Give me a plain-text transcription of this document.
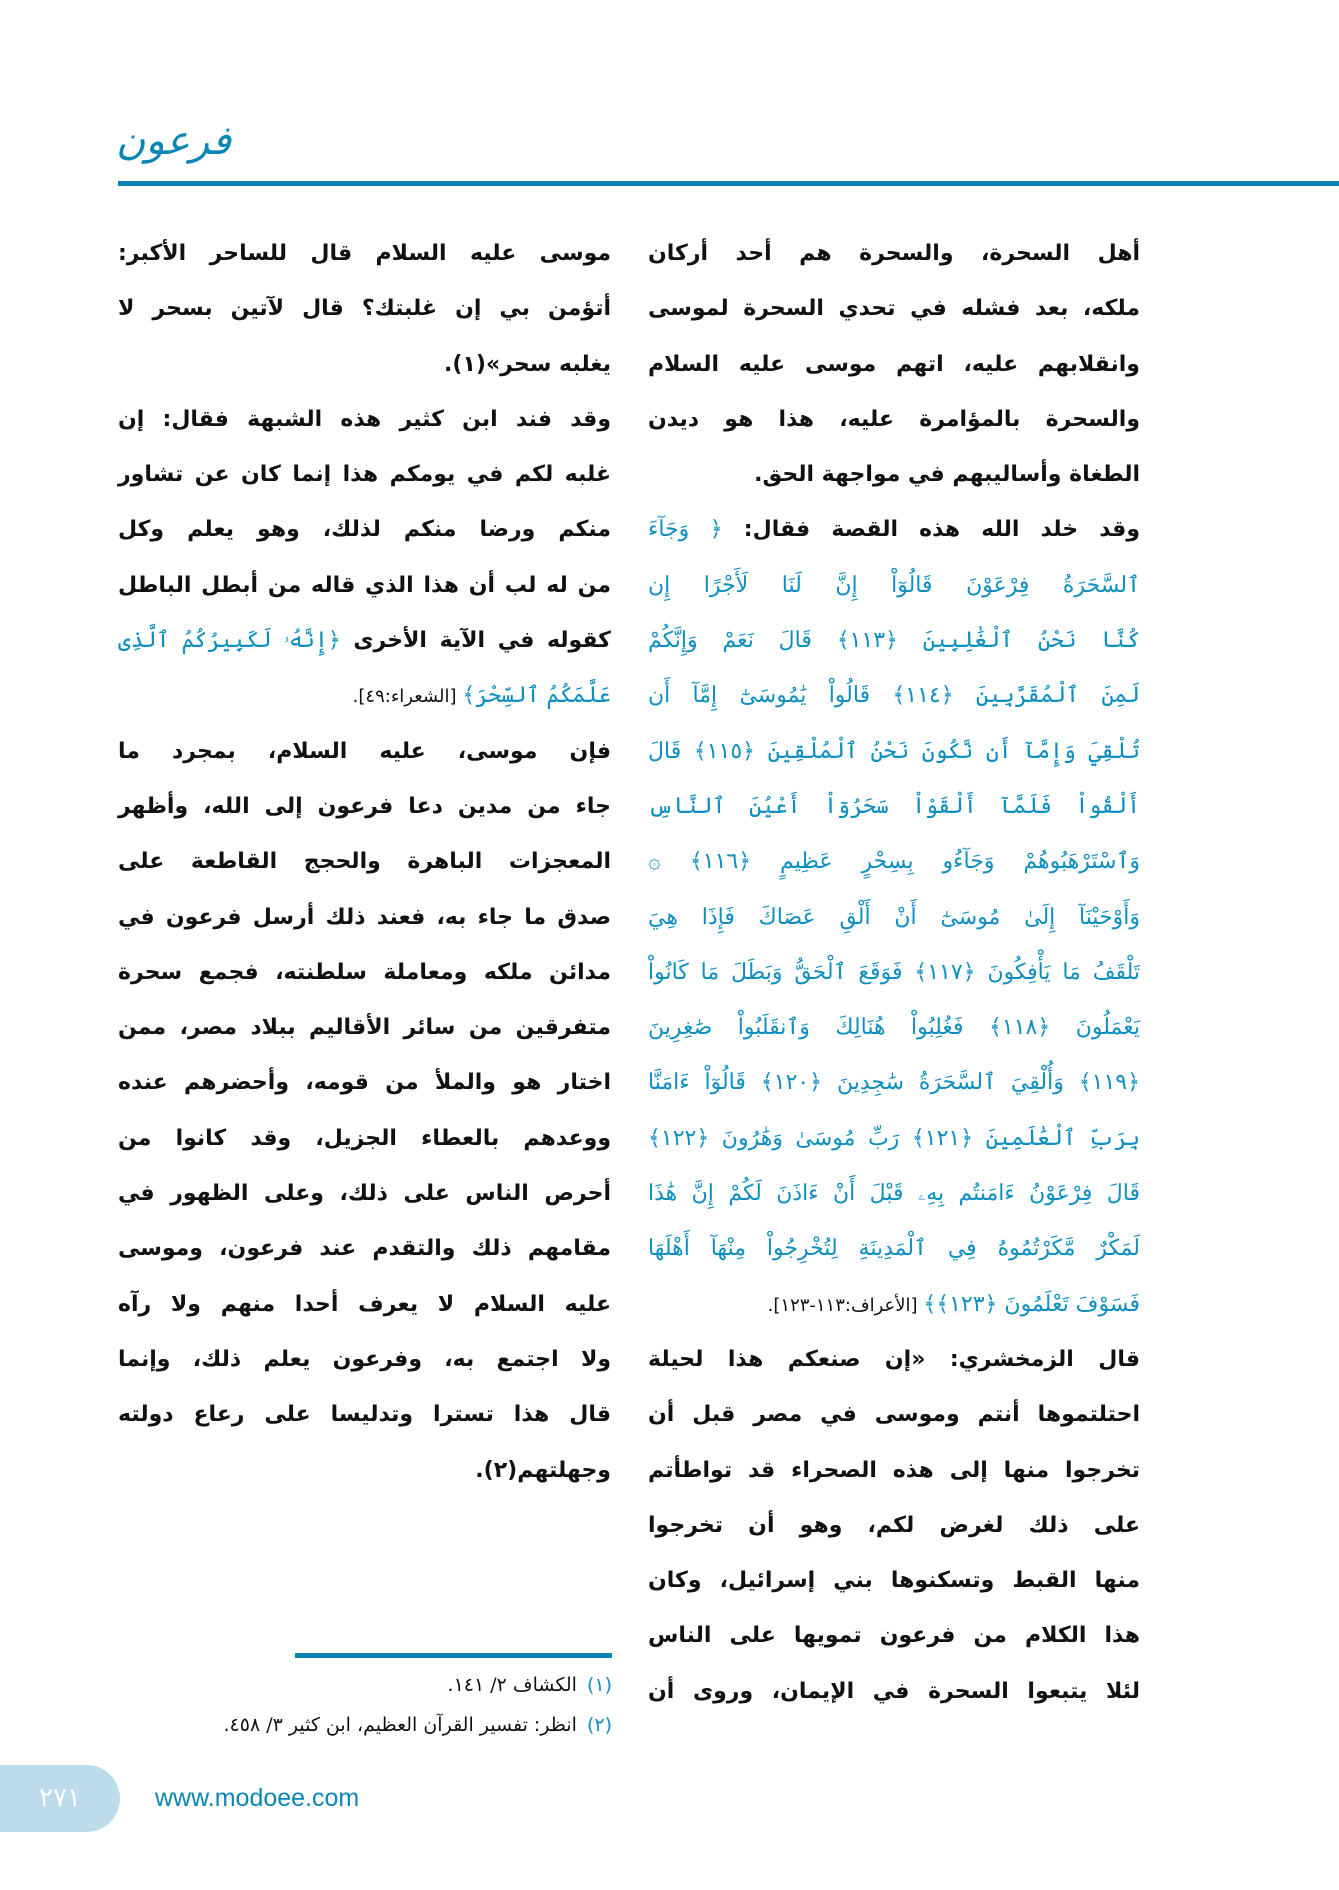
فرعون
أهل السحرة، والسحرة هم أحد أركان
ملكه، بعد فشله في تحدي السحرة لموسى
وانقلابهم عليه، اتهم موسى عليه السلام
والسحرة بالمؤامرة عليه، هذا هو ديدن
الطغاة وأساليبهم في مواجهة الحق.
وقد خلد الله هذه القصة فقال: ﴿ وَجَآءَ
ٱلسَّحَرَةُ فِرْعَوْنَ قَالُوٓاْ إِنَّ لَنَا لَأَجْرًا إِن
كُنَّا نَحْنُ ٱلْغَٰلِبِينَ ﴿١١٣﴾ قَالَ نَعَمْ وَإِنَّكُمْ
لَمِنَ ٱلْمُقَرَّبِينَ ﴿١١٤﴾ قَالُواْ يَٰمُوسَىٰٓ إِمَّآ أَن
تُلْقِيَ وَإِمَّآ أَن نَّكُونَ نَحْنُ ٱلْمُلْقِينَ ﴿١١٥﴾ قَالَ
أَلْقُواْ فَلَمَّآ أَلْقَوْاْ سَحَرُوٓاْ أَعْيُنَ ٱلنَّاسِ
وَٱسْتَرْهَبُوهُمْ وَجَآءُو بِسِحْرٍ عَظِيمٍ ﴿١١٦﴾ ۞
وَأَوْحَيْنَآ إِلَىٰ مُوسَىٰٓ أَنْ أَلْقِ عَصَاكَ فَإِذَا هِيَ
تَلْقَفُ مَا يَأْفِكُونَ ﴿١١٧﴾ فَوَقَعَ ٱلْحَقُّ وَبَطَلَ مَا كَانُواْ
يَعْمَلُونَ ﴿١١٨﴾ فَغُلِبُواْ هُنَالِكَ وَٱنقَلَبُواْ صَٰغِرِينَ
﴿١١٩﴾ وَأُلْقِيَ ٱلسَّحَرَةُ سَٰجِدِينَ ﴿١٢٠﴾ قَالُوٓاْ ءَامَنَّا
بِرَبِّ ٱلْعَٰلَمِينَ ﴿١٢١﴾ رَبِّ مُوسَىٰ وَهَٰرُونَ ﴿١٢٢﴾
قَالَ فِرْعَوْنُ ءَامَنتُم بِهِۦ قَبْلَ أَنْ ءَاذَنَ لَكُمْ إِنَّ هَٰذَا
لَمَكْرٌ مَّكَرْتُمُوهُ فِي ٱلْمَدِينَةِ لِتُخْرِجُواْ مِنْهَآ أَهْلَهَا
فَسَوْفَ تَعْلَمُونَ ﴿١٢٣﴾﴾ [الأعراف:١١٣-١٢٣].
قال الزمخشري: «إن صنعكم هذا لحيلة
احتلتموها أنتم وموسى في مصر قبل أن
تخرجوا منها إلى هذه الصحراء قد تواطأتم
على ذلك لغرض لكم، وهو أن تخرجوا
منها القبط وتسكنوها بني إسرائيل، وكان
هذا الكلام من فرعون تمويها على الناس
لئلا يتبعوا السحرة في الإيمان، وروى أن
موسى عليه السلام قال للساحر الأكبر:
أتؤمن بي إن غلبتك؟ قال لآتين بسحر لا
يغلبه سحر»(١).
وقد فند ابن كثير هذه الشبهة فقال: إن
غلبه لكم في يومكم هذا إنما كان عن تشاور
منكم ورضا منكم لذلك، وهو يعلم وكل
من له لب أن هذا الذي قاله من أبطل الباطل
كقوله في الآية الأخرى ﴿إِنَّهُۥ لَكَبِيرُكُمُ ٱلَّذِى
عَلَّمَكُمُ ٱلسِّحْرَ﴾ [الشعراء:٤٩].
فإن موسى، عليه السلام، بمجرد ما
جاء من مدين دعا فرعون إلى الله، وأظهر
المعجزات الباهرة والحجج القاطعة على
صدق ما جاء به، فعند ذلك أرسل فرعون في
مدائن ملكه ومعاملة سلطنته، فجمع سحرة
متفرقين من سائر الأقاليم ببلاد مصر، ممن
اختار هو والملأ من قومه، وأحضرهم عنده
ووعدهم بالعطاء الجزيل، وقد كانوا من
أحرص الناس على ذلك، وعلى الظهور في
مقامهم ذلك والتقدم عند فرعون، وموسى
عليه السلام لا يعرف أحدا منهم ولا رآه
ولا اجتمع به، وفرعون يعلم ذلك، وإنما
قال هذا تسترا وتدليسا على رعاع دولته
وجهلتهم(٢).
(١)الكشاف ٢/ ١٤١.
(٢)انظر: تفسير القرآن العظيم، ابن كثير ٣/ ٤٥٨.
٢٧١	www.modoee.com
